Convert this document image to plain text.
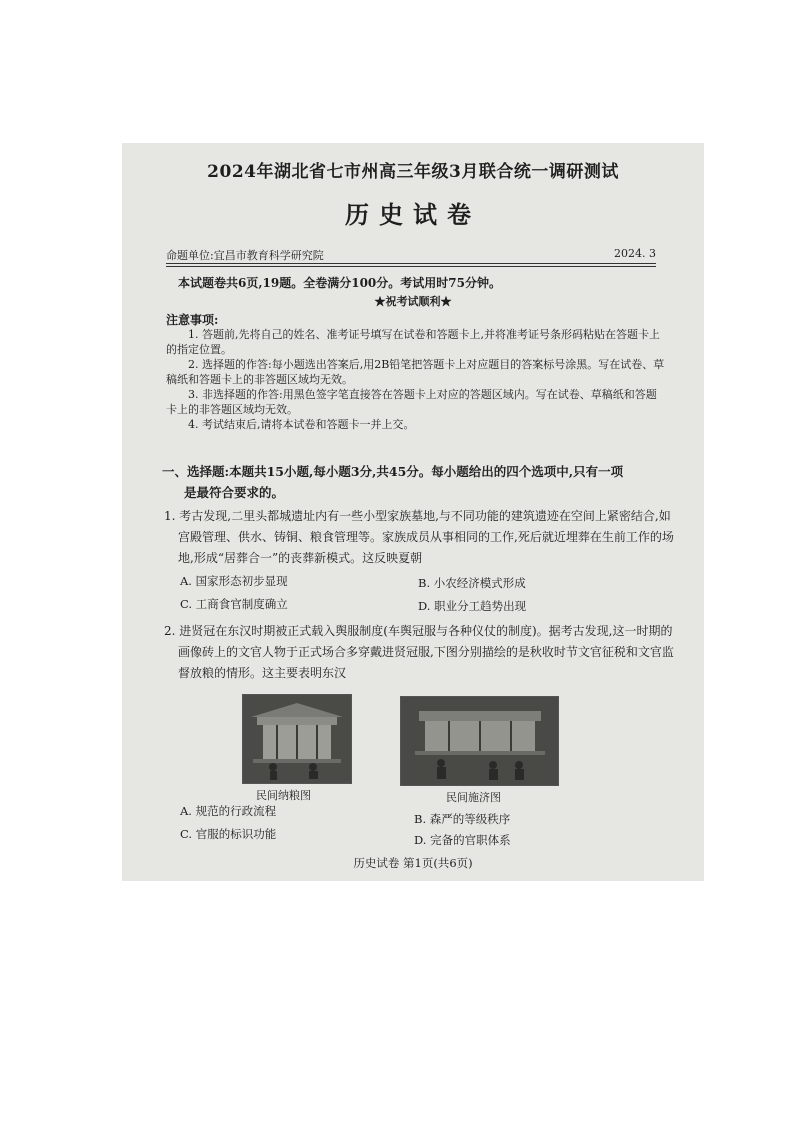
2024年湖北省七市州高三年级3月联合统一调研测试
历史试卷
命题单位:宜昌市教育科学研究院	2024. 3
本试题卷共6页,19题。全卷满分100分。考试用时75分钟。
★祝考试顺利★
注意事项:

1. 答题前,先将自己的姓名、准考证号填写在试卷和答题卡上,并将准考证号条形码粘贴在答题卡上的指定位置。

2. 选择题的作答:每小题选出答案后,用2B铅笔把答题卡上对应题目的答案标号涂黑。写在试卷、草稿纸和答题卡上的非答题区域均无效。

3. 非选择题的作答:用黑色签字笔直接答在答题卡上对应的答题区域内。写在试卷、草稿纸和答题卡上的非答题区域均无效。

4. 考试结束后,请将本试卷和答题卡一并上交。

一、选择题:本题共15小题,每小题3分,共45分。每小题给出的四个选项中,只有一项
是最符合要求的。
1. 考古发现,二里头都城遗址内有一些小型家族墓地,与不同功能的建筑遗迹在空间上紧密结合,如宫殿管理、供水、铸铜、粮食管理等。家族成员从事相同的工作,死后就近埋葬在生前工作的场地,形成“居葬合一”的丧葬新模式。这反映夏朝
A. 国家形态初步显现	B. 小农经济模式形成
C. 工商食官制度确立	D. 职业分工趋势出现
2. 进贤冠在东汉时期被正式载入舆服制度(车舆冠服与各种仪仗的制度)。据考古发现,这一时期的画像砖上的文官人物于正式场合多穿戴进贤冠服,下图分别描绘的是秋收时节文官征税和文官监督放粮的情形。这主要表明东汉
民间纳粮图	民间施济图
A. 规范的行政流程
B. 森严的等级秩序
C. 官服的标识功能	D. 完备的官职体系
历史试卷 第1页(共6页)
